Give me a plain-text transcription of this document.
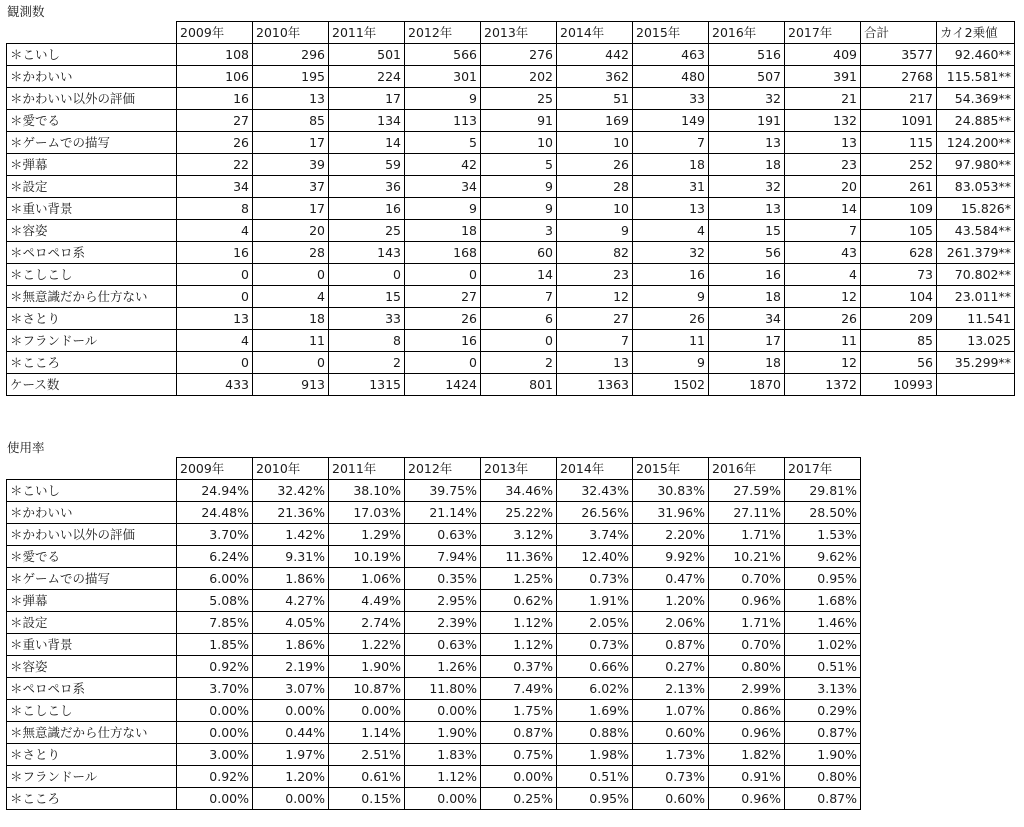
観測数
	2009年	2010年	2011年	2012年	2013年	2014年	2015年	2016年	2017年	合計	カイ2乗値
＊こいし	108	296	501	566	276	442	463	516	409	3577	92.460**
＊かわいい	106	195	224	301	202	362	480	507	391	2768	115.581**
＊かわいい以外の評価	16	13	17	9	25	51	33	32	21	217	54.369**
＊愛でる	27	85	134	113	91	169	149	191	132	1091	24.885**
＊ゲームでの描写	26	17	14	5	10	10	7	13	13	115	124.200**
＊弾幕	22	39	59	42	5	26	18	18	23	252	97.980**
＊設定	34	37	36	34	9	28	31	32	20	261	83.053**
＊重い背景	8	17	16	9	9	10	13	13	14	109	15.826*
＊容姿	4	20	25	18	3	9	4	15	7	105	43.584**
＊ペロペロ系	16	28	143	168	60	82	32	56	43	628	261.379**
＊こしこし	0	0	0	0	14	23	16	16	4	73	70.802**
＊無意識だから仕方ない	0	4	15	27	7	12	9	18	12	104	23.011**
＊さとり	13	18	33	26	6	27	26	34	26	209	11.541
＊フランドール	4	11	8	16	0	7	11	17	11	85	13.025
＊こころ	0	0	2	0	2	13	9	18	12	56	35.299**
ケース数	433	913	1315	1424	801	1363	1502	1870	1372	10993	
使用率
	2009年	2010年	2011年	2012年	2013年	2014年	2015年	2016年	2017年
＊こいし	24.94%	32.42%	38.10%	39.75%	34.46%	32.43%	30.83%	27.59%	29.81%
＊かわいい	24.48%	21.36%	17.03%	21.14%	25.22%	26.56%	31.96%	27.11%	28.50%
＊かわいい以外の評価	3.70%	1.42%	1.29%	0.63%	3.12%	3.74%	2.20%	1.71%	1.53%
＊愛でる	6.24%	9.31%	10.19%	7.94%	11.36%	12.40%	9.92%	10.21%	9.62%
＊ゲームでの描写	6.00%	1.86%	1.06%	0.35%	1.25%	0.73%	0.47%	0.70%	0.95%
＊弾幕	5.08%	4.27%	4.49%	2.95%	0.62%	1.91%	1.20%	0.96%	1.68%
＊設定	7.85%	4.05%	2.74%	2.39%	1.12%	2.05%	2.06%	1.71%	1.46%
＊重い背景	1.85%	1.86%	1.22%	0.63%	1.12%	0.73%	0.87%	0.70%	1.02%
＊容姿	0.92%	2.19%	1.90%	1.26%	0.37%	0.66%	0.27%	0.80%	0.51%
＊ペロペロ系	3.70%	3.07%	10.87%	11.80%	7.49%	6.02%	2.13%	2.99%	3.13%
＊こしこし	0.00%	0.00%	0.00%	0.00%	1.75%	1.69%	1.07%	0.86%	0.29%
＊無意識だから仕方ない	0.00%	0.44%	1.14%	1.90%	0.87%	0.88%	0.60%	0.96%	0.87%
＊さとり	3.00%	1.97%	2.51%	1.83%	0.75%	1.98%	1.73%	1.82%	1.90%
＊フランドール	0.92%	1.20%	0.61%	1.12%	0.00%	0.51%	0.73%	0.91%	0.80%
＊こころ	0.00%	0.00%	0.15%	0.00%	0.25%	0.95%	0.60%	0.96%	0.87%
